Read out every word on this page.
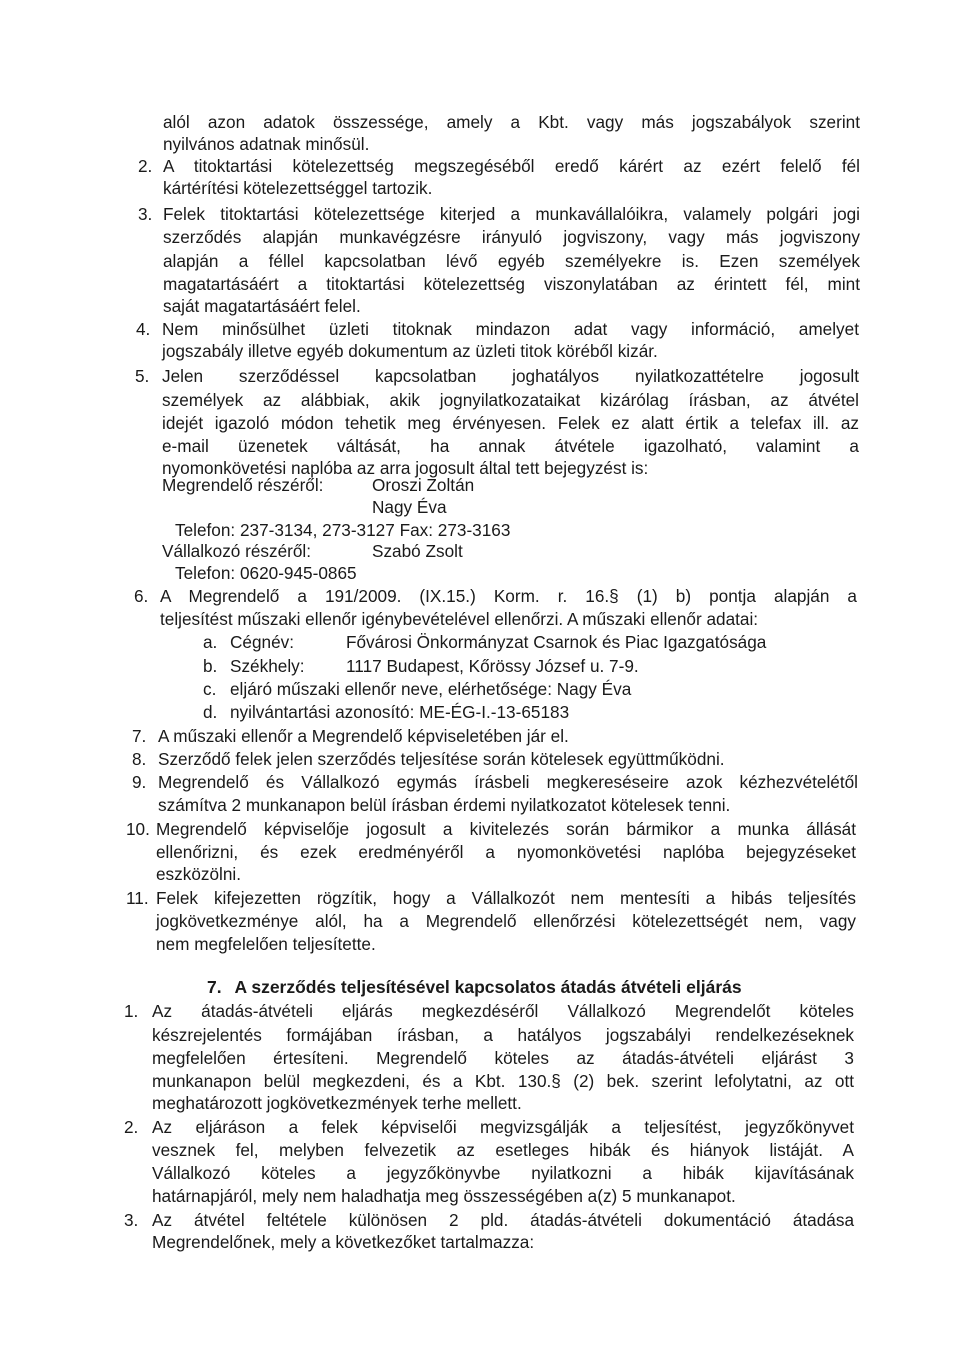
alól azon adatok összessége, amely a Kbt. vagy más jogszabályok szerint
nyilvános adatnak minősül.
2. A titoktartási kötelezettség megszegéséből eredő kárért az ezért felelő fél
kártérítési kötelezettséggel tartozik.
3. Felek titoktartási kötelezettsége kiterjed a munkavállalóikra, valamely polgári jogi
szerződés alapján munkavégzésre irányuló jogviszony, vagy más jogviszony
alapján a féllel kapcsolatban lévő egyéb személyekre is. Ezen személyek
magatartásáért a titoktartási kötelezettség viszonylatában az érintett fél, mint
saját magatartásáért felel.
4. Nem minősülhet üzleti titoknak mindazon adat vagy információ, amelyet
jogszabály illetve egyéb dokumentum az üzleti titok köréből kizár.
5. Jelen szerződéssel kapcsolatban joghatályos nyilatkozattételre jogosult
személyek az alábbiak, akik jognyilatkozataikat kizárólag írásban, az átvétel
idejét igazoló módon tehetik meg érvényesen. Felek ez alatt értik a telefax ill. az
e-mail üzenetek váltását, ha annak átvétele igazolható, valamint a
nyomonkövetési naplóba az arra jogosult által tett bejegyzést is:
Megrendelő részéről:	Oroszi Zoltán
Nagy Éva
Telefon: 237-3134, 273-3127 Fax: 273-3163
Vállalkozó részéről:	Szabó Zsolt
Telefon: 0620-945-0865
6. A Megrendelő a 191/2009. (IX.15.) Korm. r. 16.§ (1) b) pontja alapján a
teljesítést műszaki ellenőr igénybevételével ellenőrzi. A műszaki ellenőr adatai:
a. Cégnév:	Fővárosi Önkormányzat Csarnok és Piac Igazgatósága
b. Székhely: 1117 Budapest, Kőrössy József u. 7-9.
c. eljáró műszaki ellenőr neve, elérhetősége: Nagy Éva
d. nyilvántartási azonosító: ME-ÉG-I.-13-65183
7. A műszaki ellenőr a Megrendelő képviseletében jár el.
8. Szerződő felek jelen szerződés teljesítése során kötelesek együttműködni.
9. Megrendelő és Vállalkozó egymás írásbeli megkereséseire azok kézhezvételétől
számítva 2 munkanapon belül írásban érdemi nyilatkozatot kötelesek tenni.
10. Megrendelő képviselője jogosult a kivitelezés során bármikor a munka állását
ellenőrizni, és ezek eredményéről a nyomonkövetési naplóba bejegyzéseket
eszközölni.
11. Felek kifejezetten rögzítik, hogy a Vállalkozót nem mentesíti a hibás teljesítés
jogkövetkezménye alól, ha a Megrendelő ellenőrzési kötelezettségét nem, vagy
nem megfelelően teljesítette.
7. A szerződés teljesítésével kapcsolatos átadás átvételi eljárás
1. Az átadás-átvételi eljárás megkezdéséről Vállalkozó Megrendelőt köteles
készrejelentés formájában írásban, a hatályos jogszabályi rendelkezéseknek
megfelelően értesíteni. Megrendelő köteles az átadás-átvételi eljárást 3
munkanapon belül megkezdeni, és a Kbt. 130.§ (2) bek. szerint lefolytatni, az ott
meghatározott jogkövetkezmények terhe mellett.
2. Az eljáráson a felek képviselői megvizsgálják a teljesítést, jegyzőkönyvet
vesznek fel, melyben felvezetik az esetleges hibák és hiányok listáját. A
Vállalkozó köteles a jegyzőkönyvbe nyilatkozni a hibák kijavításának
határnapjáról, mely nem haladhatja meg összességében a(z) 5 munkanapot.
3. Az átvétel feltétele különösen 2 pld. átadás-átvételi dokumentáció átadása
Megrendelőnek, mely a következőket tartalmazza:
